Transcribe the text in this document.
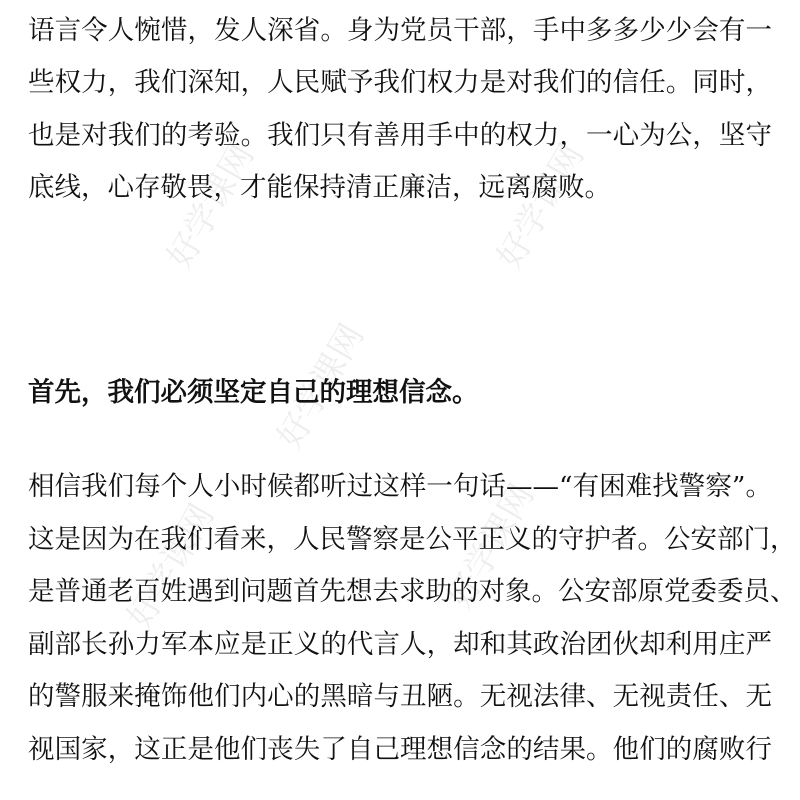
好学课网	好学课网
好学课网
好学课网	好学课网
语言令人惋惜，发人深省。身为党员干部，手中多多少少会有一
些权力，我们深知，人民赋予我们权力是对我们的信任。同时，
也是对我们的考验。我们只有善用手中的权力，一心为公，坚守
底线，心存敬畏，才能保持清正廉洁，远离腐败。
首先，我们必须坚定自己的理想信念。
相信我们每个人小时候都听过这样一句话——“有困难找警察”。
这是因为在我们看来，人民警察是公平正义的守护者。公安部门，
是普通老百姓遇到问题首先想去求助的对象。公安部原党委委员、
副部长孙力军本应是正义的代言人，却和其政治团伙却利用庄严
的警服来掩饰他们内心的黑暗与丑陋。无视法律、无视责任、无
视国家，这正是他们丧失了自己理想信念的结果。他们的腐败行
